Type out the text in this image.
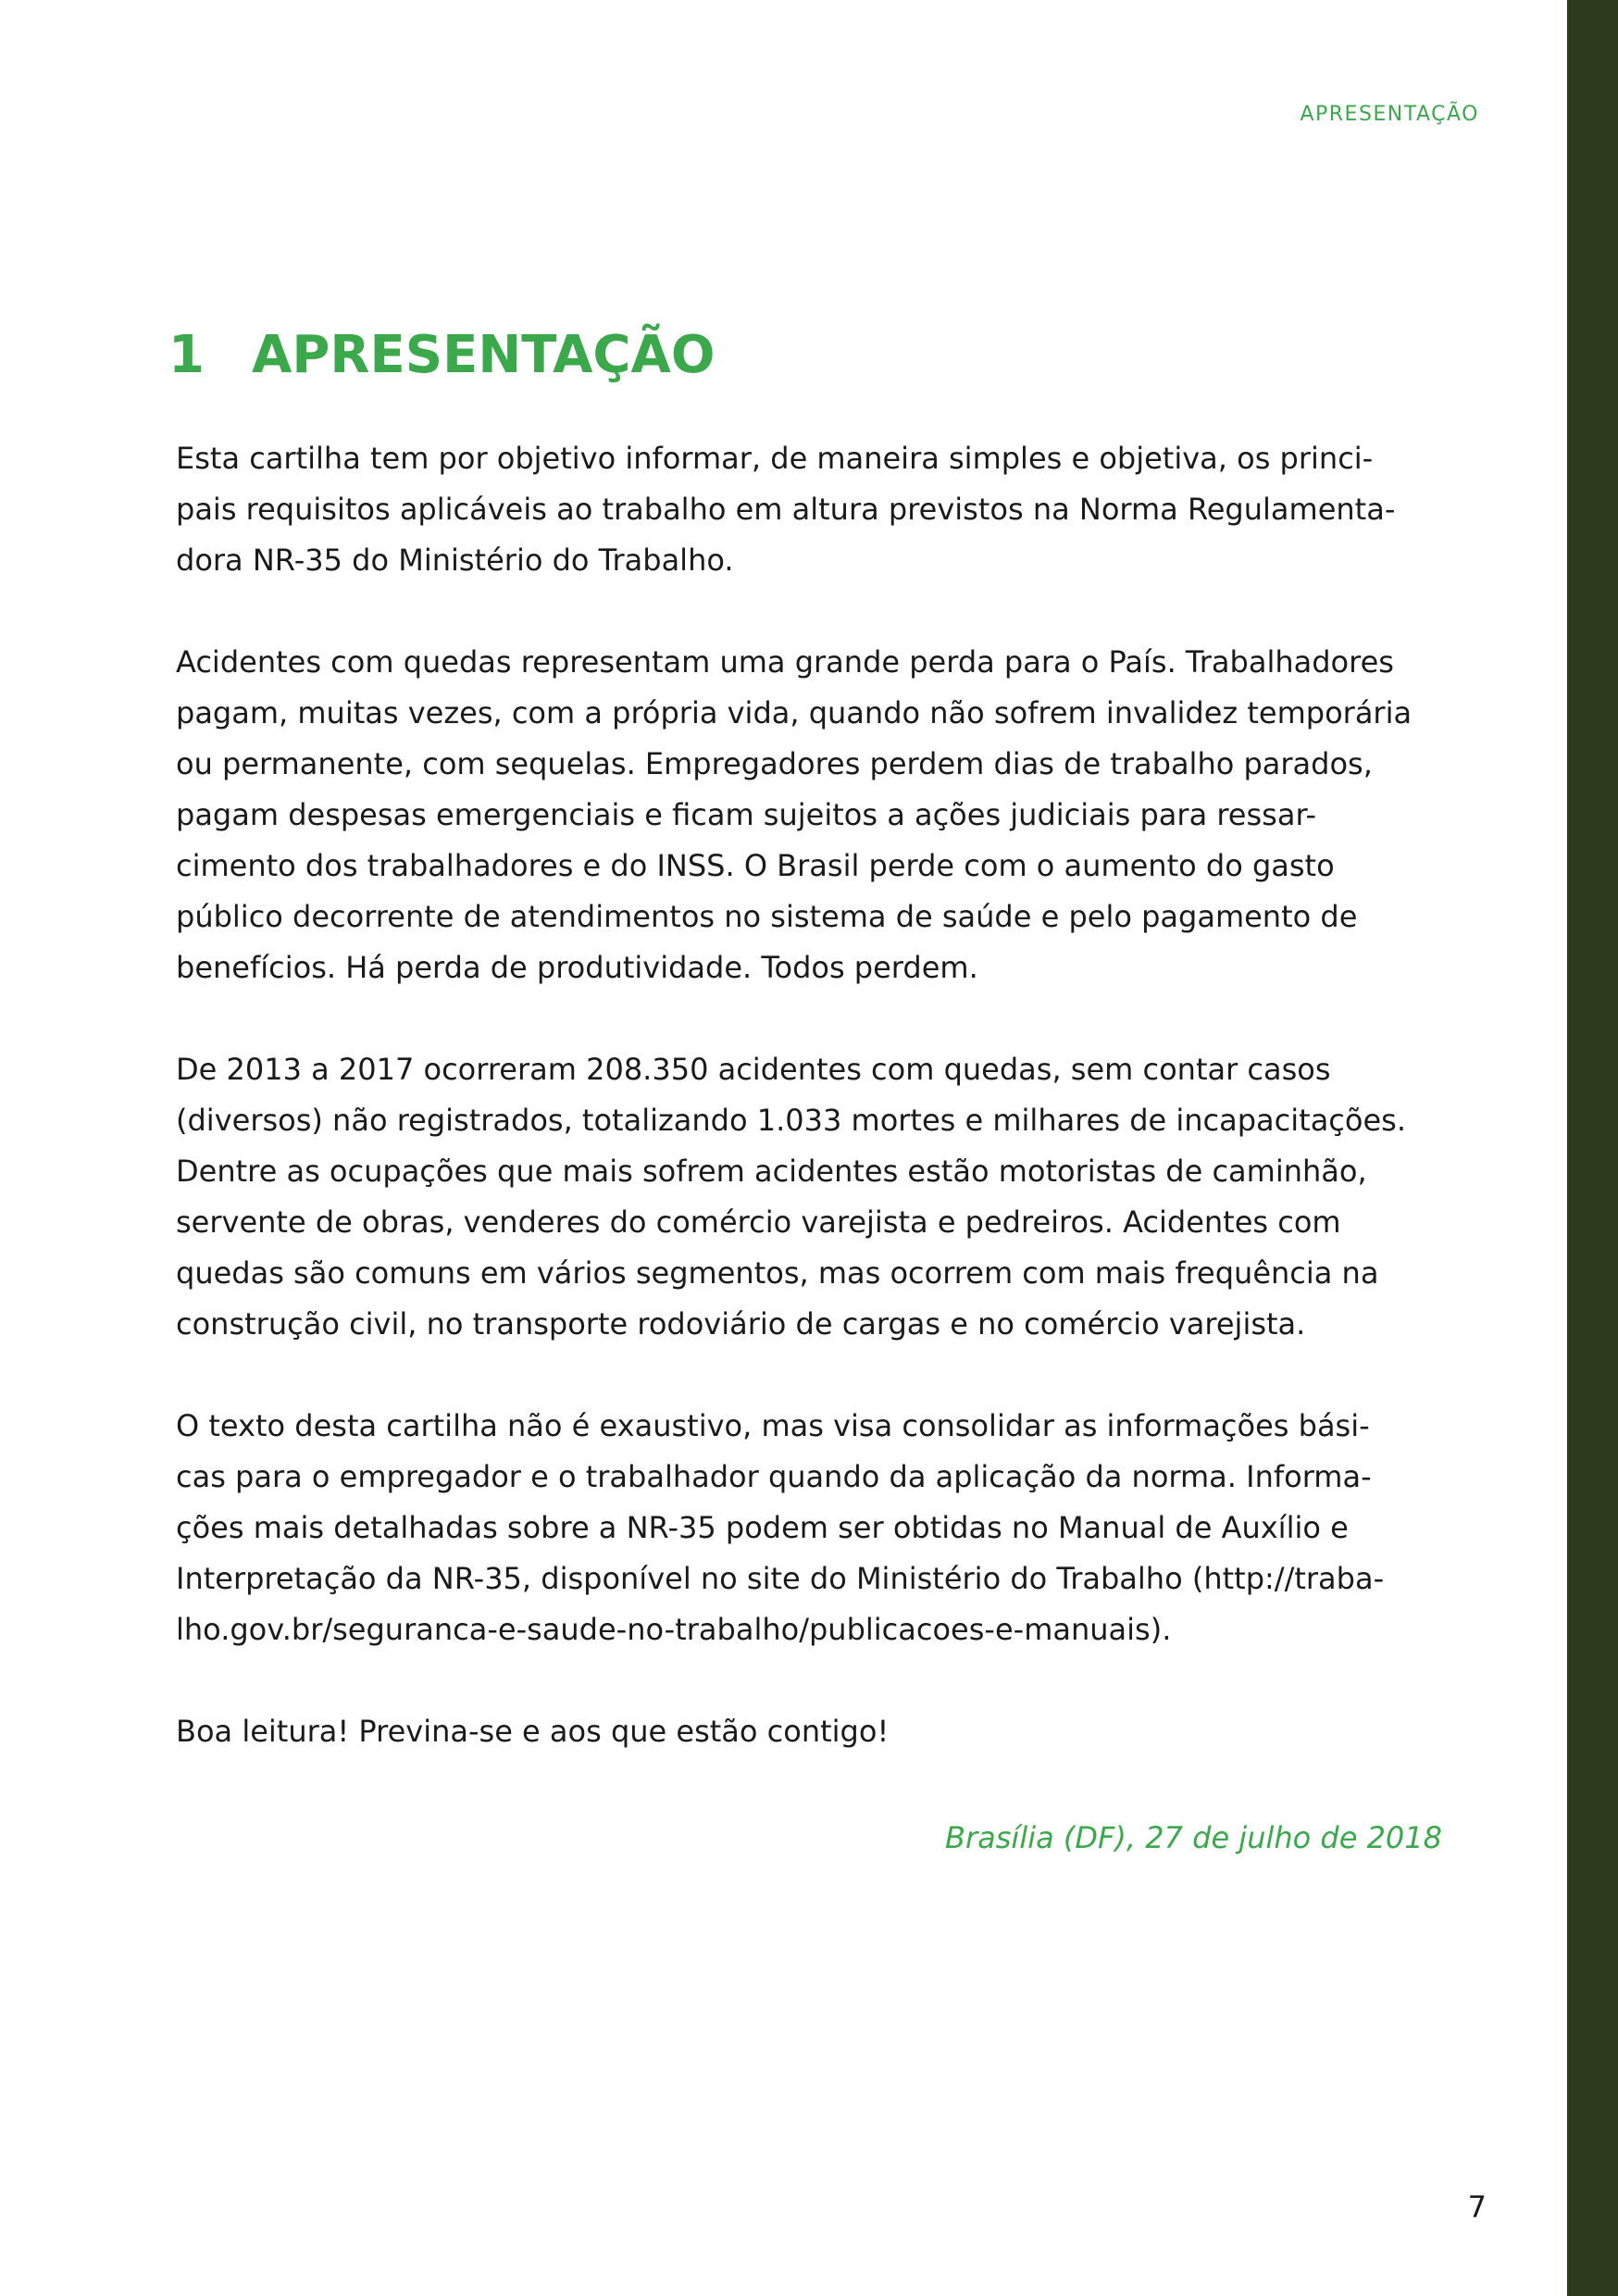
APRESENTAÇÃO
1 APRESENTAÇÃO

Esta cartilha tem por objetivo informar, de maneira simples e objetiva, os princi-
pais requisitos aplicáveis ao trabalho em altura previstos na Norma Regulamenta-
dora NR-35 do Ministério do Trabalho.

Acidentes com quedas representam uma grande perda para o País. Trabalhadores
pagam, muitas vezes, com a própria vida, quando não sofrem invalidez temporária
ou permanente, com sequelas. Empregadores perdem dias de trabalho parados,
pagam despesas emergenciais e ficam sujeitos a ações judiciais para ressar-
cimento dos trabalhadores e do INSS. O Brasil perde com o aumento do gasto
público decorrente de atendimentos no sistema de saúde e pelo pagamento de
benefícios. Há perda de produtividade. Todos perdem.

De 2013 a 2017 ocorreram 208.350 acidentes com quedas, sem contar casos
(diversos) não registrados, totalizando 1.033 mortes e milhares de incapacitações.
Dentre as ocupações que mais sofrem acidentes estão motoristas de caminhão,
servente de obras, venderes do comércio varejista e pedreiros. Acidentes com
quedas são comuns em vários segmentos, mas ocorrem com mais frequência na
construção civil, no transporte rodoviário de cargas e no comércio varejista.

O texto desta cartilha não é exaustivo, mas visa consolidar as informações bási-
cas para o empregador e o trabalhador quando da aplicação da norma. Informa-
ções mais detalhadas sobre a NR-35 podem ser obtidas no Manual de Auxílio e
Interpretação da NR-35, disponível no site do Ministério do Trabalho (http://traba-
lho.gov.br/seguranca-e-saude-no-trabalho/publicacoes-e-manuais).

Boa leitura! Previna-se e aos que estão contigo!

Brasília (DF), 27 de julho de 2018
7
